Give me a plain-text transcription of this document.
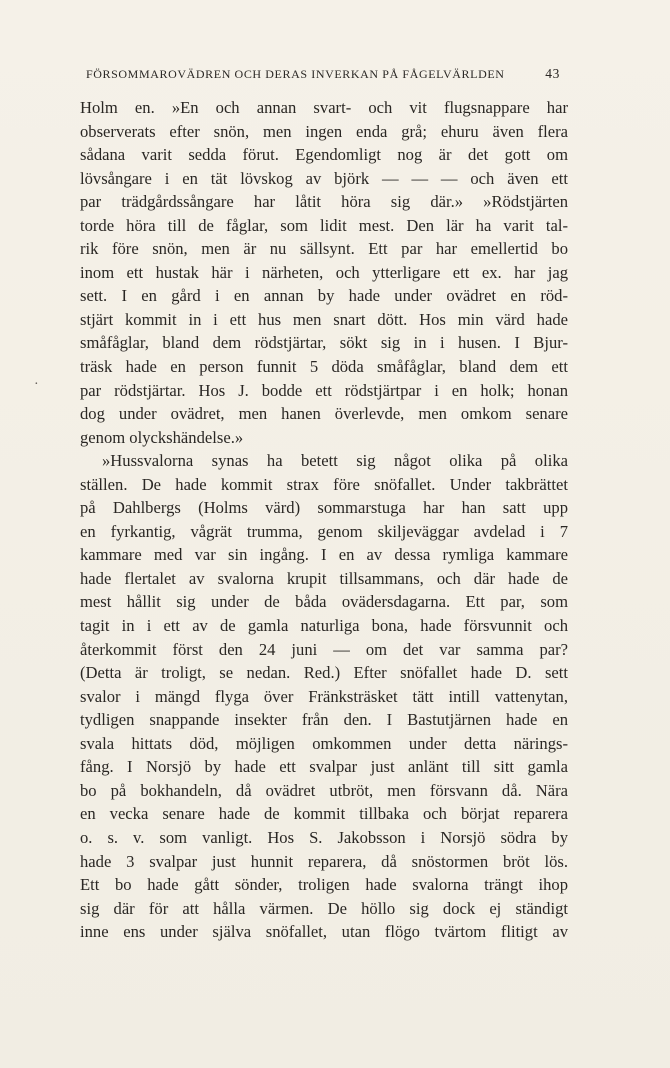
FÖRSOMMAROVÄDREN OCH DERAS INVERKAN PÅ FÅGELVÄRLDEN	43
·

Holm en. »En och annan svart- och vit flugsnappare har
observerats efter snön, men ingen enda grå; ehuru även flera
sådana varit sedda förut. Egendomligt nog är det gott om
lövsångare i en tät lövskog av björk — — — och även ett
par trädgårdssångare har låtit höra sig där.» »Rödstjärten
torde höra till de fåglar, som lidit mest. Den lär ha varit tal-
rik före snön, men är nu sällsynt. Ett par har emellertid bo
inom ett hustak här i närheten, och ytterligare ett ex. har jag
sett. I en gård i en annan by hade under ovädret en röd-
stjärt kommit in i ett hus men snart dött. Hos min värd hade
småfåglar, bland dem rödstjärtar, sökt sig in i husen. I Bjur-
träsk hade en person funnit 5 döda småfåglar, bland dem ett
par rödstjärtar. Hos J. bodde ett rödstjärtpar i en holk; honan
dog under ovädret, men hanen överlevde, men omkom senare
genom olyckshändelse.»

»Hussvalorna synas ha betett sig något olika på olika
ställen. De hade kommit strax före snöfallet. Under takbrättet
på Dahlbergs (Holms värd) sommarstuga har han satt upp
en fyrkantig, vågrät trumma, genom skiljeväggar avdelad i 7
kammare med var sin ingång. I en av dessa rymliga kammare
hade flertalet av svalorna krupit tillsammans, och där hade de
mest hållit sig under de båda ovädersdagarna. Ett par, som
tagit in i ett av de gamla naturliga bona, hade försvunnit och
återkommit först den 24 juni — om det var samma par?
(Detta är troligt, se nedan. Red.) Efter snöfallet hade D. sett
svalor i mängd flyga över Fränksträsket tätt intill vattenytan,
tydligen snappande insekter från den. I Bastutjärnen hade en
svala hittats död, möjligen omkommen under detta närings-
fång. I Norsjö by hade ett svalpar just anlänt till sitt gamla
bo på bokhandeln, då ovädret utbröt, men försvann då. Nära
en vecka senare hade de kommit tillbaka och börjat reparera
o. s. v. som vanligt. Hos S. Jakobsson i Norsjö södra by
hade 3 svalpar just hunnit reparera, då snöstormen bröt lös.
Ett bo hade gått sönder, troligen hade svalorna trängt ihop
sig där för att hålla värmen. De höllo sig dock ej ständigt
inne ens under själva snöfallet, utan flögo tvärtom flitigt av
